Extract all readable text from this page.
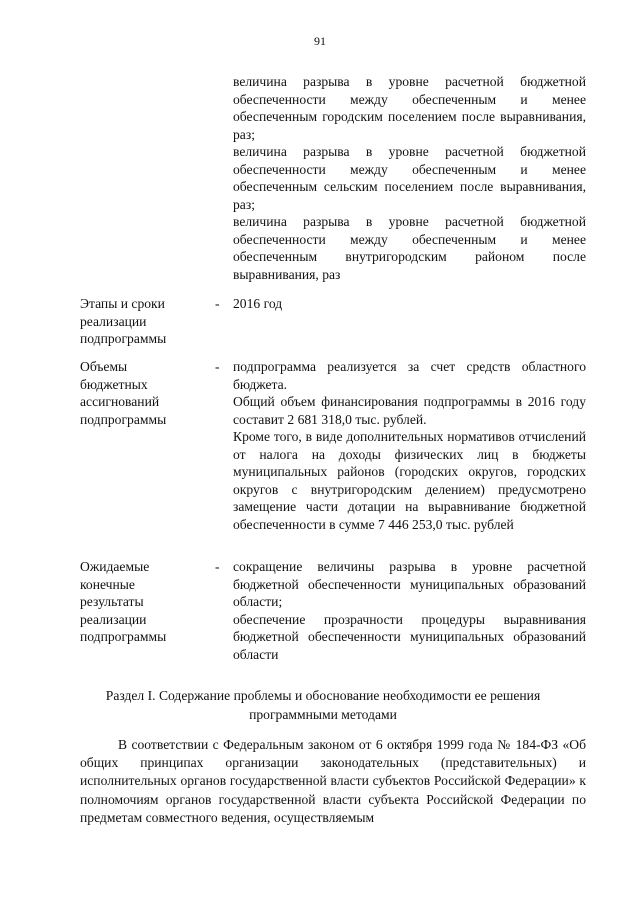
91

величина разрыва в уровне расчетной бюджетной обеспеченности между обеспеченным и менее обеспеченным городским поселением после выравнивания, раз;

величина разрыва в уровне расчетной бюджетной обеспеченности между обеспеченным и менее обеспеченным сельским поселением после выравнивания, раз;

величина разрыва в уровне расчетной бюджетной обеспеченности между обеспеченным и менее обеспеченным внутригородским районом после выравнивания, раз

Этапы и сроки
реализации
подпрограммы
- 2016 год

Объемы
бюджетных
ассигнований
подпрограммы
- подпрограмма реализуется за счет средств областного бюджета.

Общий объем финансирования подпрограммы в 2016 году составит 2 681 318,0 тыс. рублей.

Кроме того, в виде дополнительных нормативов отчислений от налога на доходы физических лиц в бюджеты муниципальных районов (городских округов, городских округов с внутригородским делением) предусмотрено замещение части дотации на выравнивание бюджетной обеспеченности в сумме 7 446 253,0 тыс. рублей

Ожидаемые
конечные
результаты
реализации
подпрограммы
- сокращение величины разрыва в уровне расчетной бюджетной обеспеченности муниципальных образований области;

обеспечение прозрачности процедуры выравнивания бюджетной обеспеченности муниципальных образований области

Раздел I. Содержание проблемы и обоснование необходимости ее решения программными методами

В соответствии с Федеральным законом от 6 октября 1999 года № 184-ФЗ «Об общих принципах организации законодательных (представительных) и исполнительных органов государственной власти субъектов Российской Федерации» к полномочиям органов государственной власти субъекта Российской Федерации по предметам совместного ведения, осуществляемым
